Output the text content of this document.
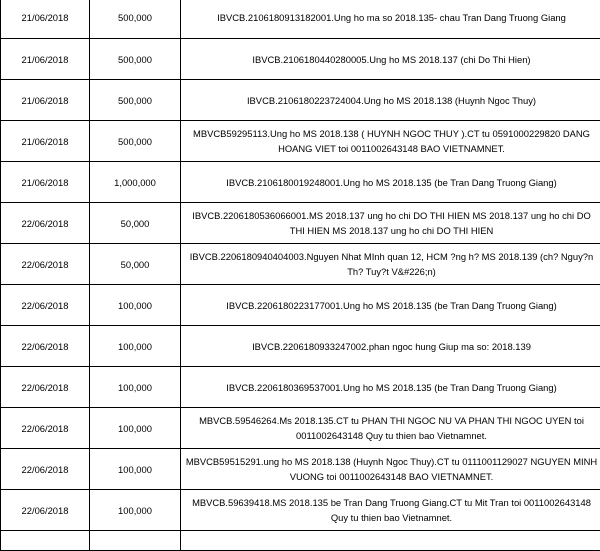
21/06/2018	500,000	IBVCB.2106180913182001.Ung ho ma so 2018.135- chau Tran Dang Truong Giang
21/06/2018	500,000	IBVCB.2106180440280005.Ung ho MS 2018.137 (chi Do Thi Hien)
21/06/2018	500,000	IBVCB.2106180223724004.Ung ho MS 2018.138 (Huynh Ngoc Thuy)
21/06/2018	500,000	MBVCB59295113.Ung ho MS 2018.138 ( HUYNH NGOC THUY ).CT tu 0591000229820 DANG HOANG VIET toi 0011002643148 BAO VIETNAMNET.
21/06/2018	1,000,000	IBVCB.2106180019248001.Ung ho MS 2018.135 (be Tran Dang Truong Giang)
22/06/2018	50,000	IBVCB.2206180536066001.MS 2018.137 ung ho chi DO THI HIEN MS 2018.137 ung ho chi DO THI HIEN MS 2018.137 ung ho chi DO THI HIEN
22/06/2018	50,000	IBVCB.2206180940404003.Nguyen Nhat MInh quan 12, HCM ?ng h? MS 2018.139 (ch? Nguy?n Th? Tuy?t V&#226;n)
22/06/2018	100,000	IBVCB.2206180223177001.Ung ho MS 2018.135 (be Tran Dang Truong Giang)
22/06/2018	100,000	IBVCB.2206180933247002.phan ngoc hung Giup ma so: 2018.139
22/06/2018	100,000	IBVCB.2206180369537001.Ung ho MS 2018.135 (be Tran Dang Truong Giang)
22/06/2018	100,000	MBVCB.59546264.Ms 2018.135.CT tu PHAN THI NGOC NU VA PHAN THI NGOC UYEN toi 0011002643148 Quy tu thien bao Vietnamnet.
22/06/2018	100,000	MBVCB59515291.ung ho MS 2018.138 (Huynh Ngoc Thuy).CT tu 0111001129027 NGUYEN MINH VUONG toi 0011002643148 BAO VIETNAMNET.
22/06/2018	100,000	MBVCB.59639418.MS 2018.135 be Tran Dang Truong Giang.CT tu Mit Tran toi 0011002643148 Quy tu thien bao Vietnamnet.
